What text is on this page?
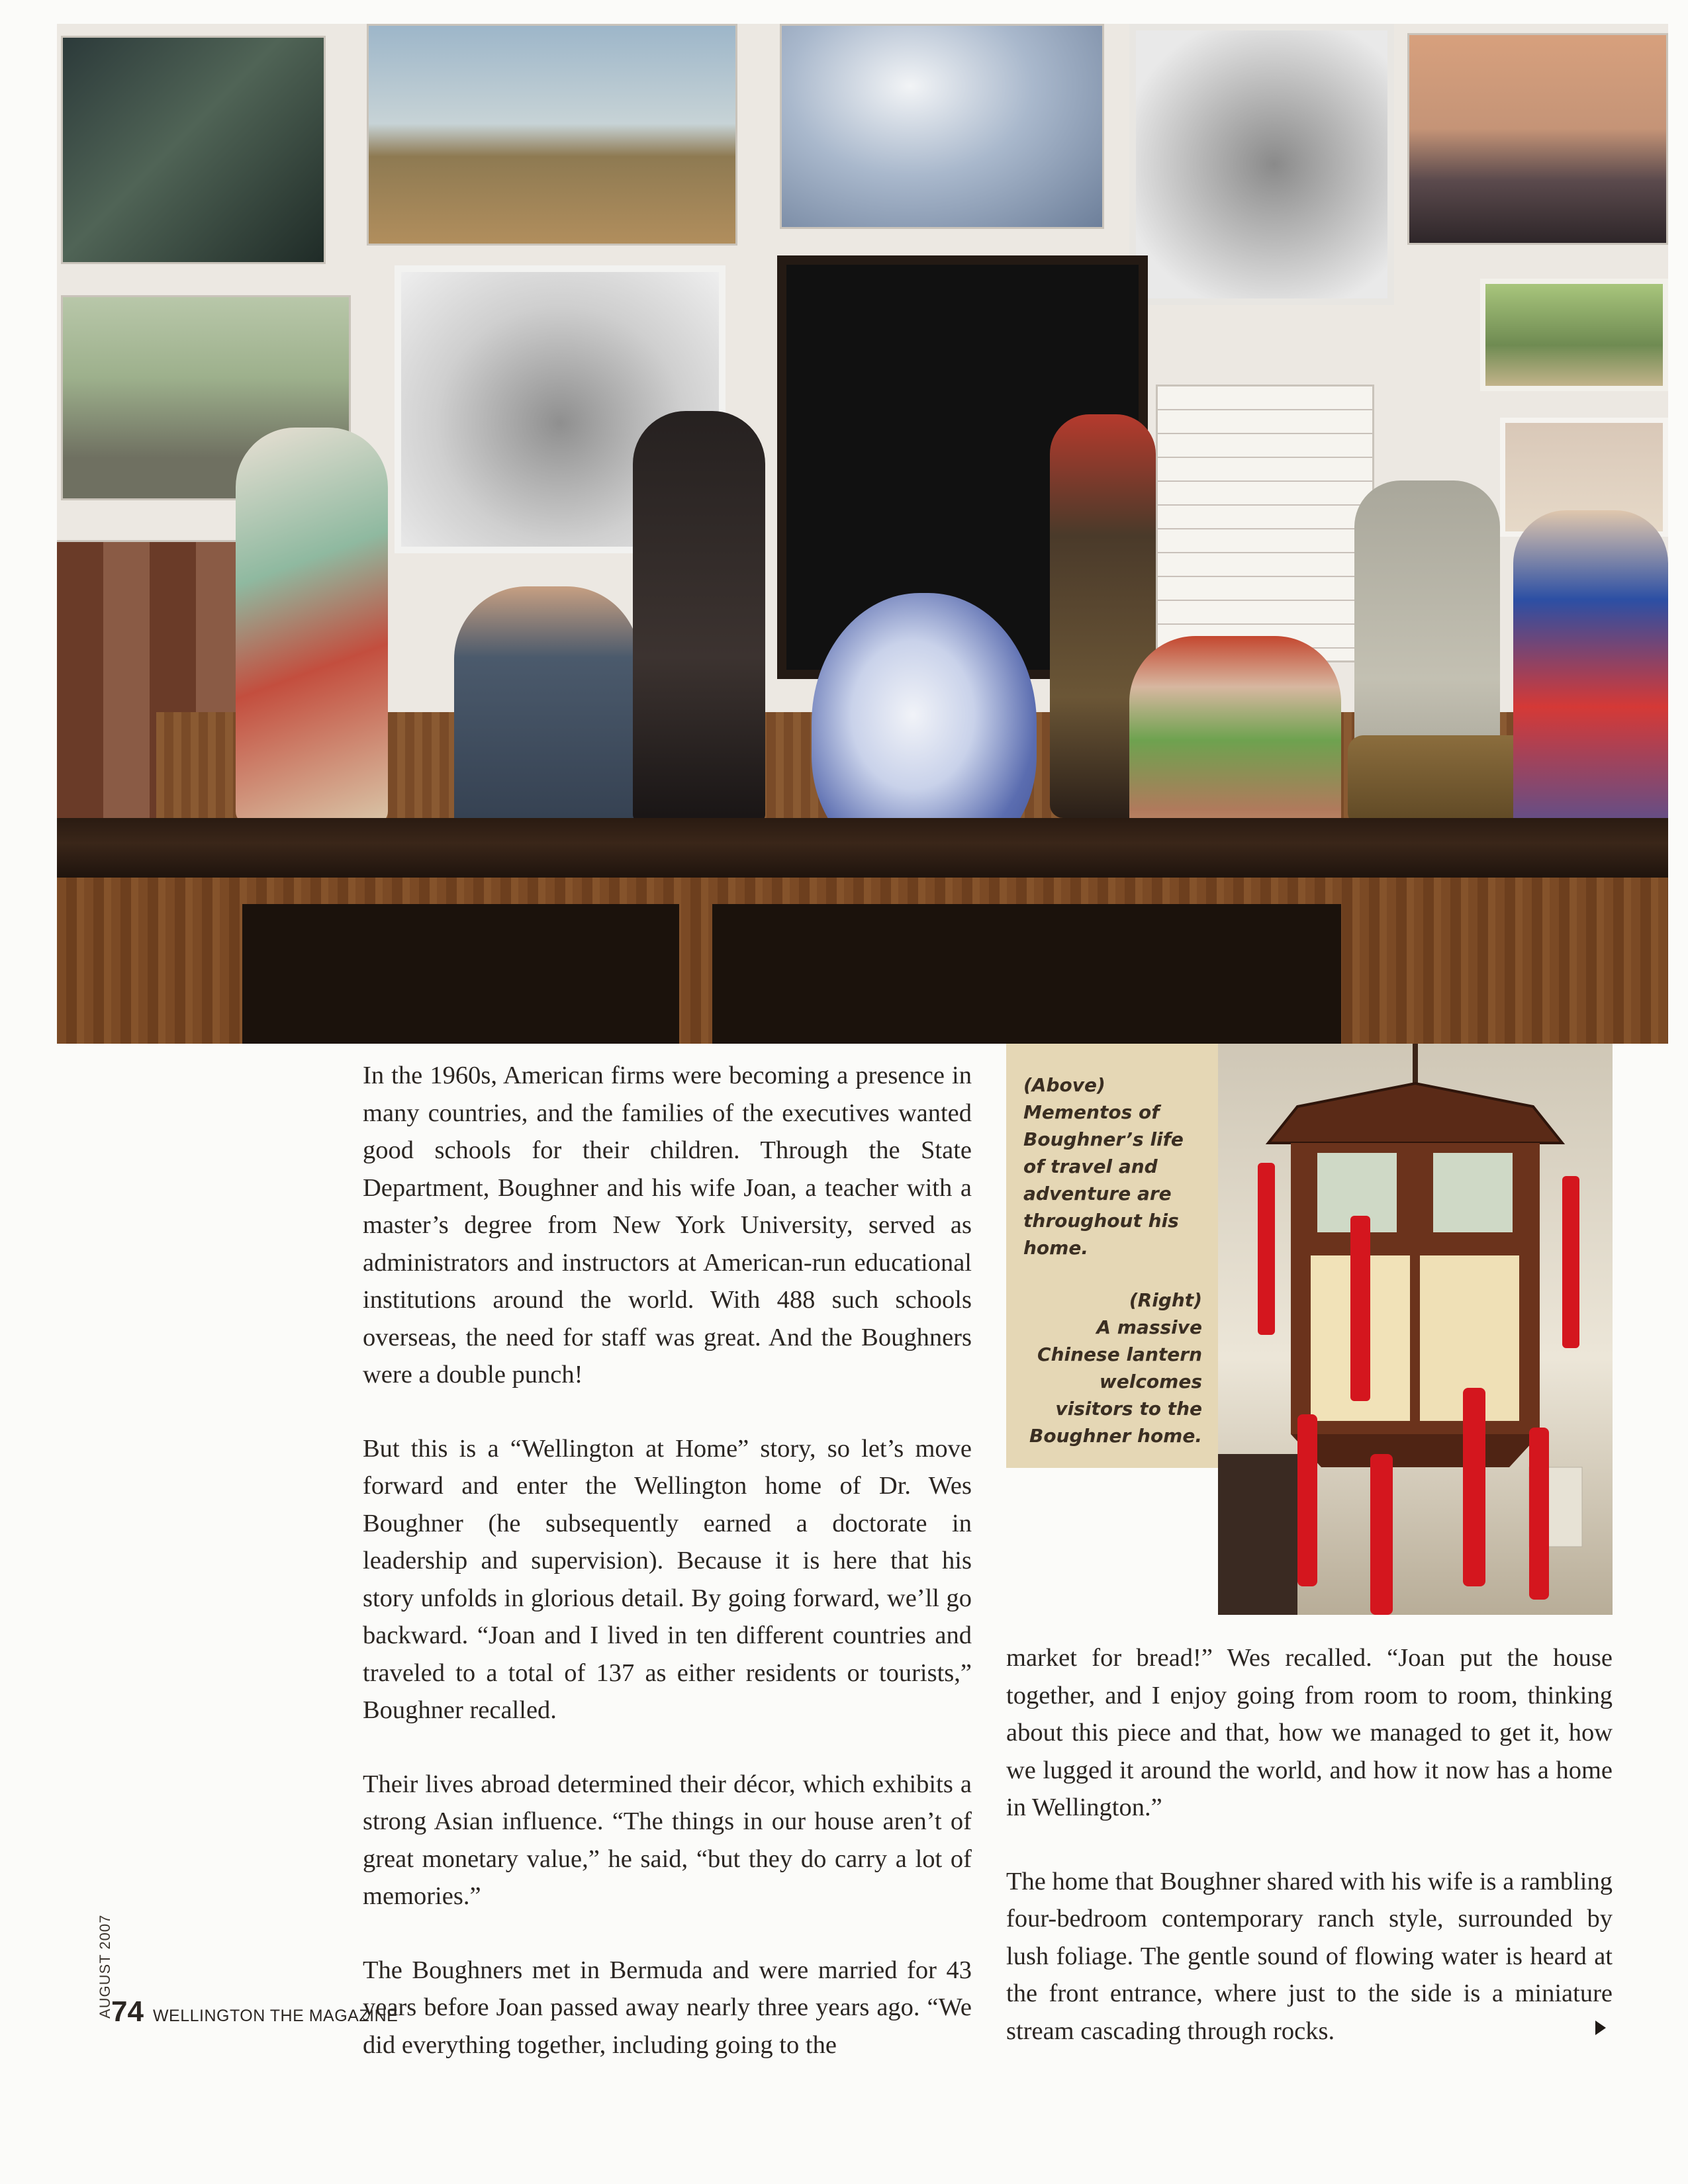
In the 1960s, American firms were becoming a presence in many countries, and the families of the executives wanted good schools for their children. Through the State Department, Boughner and his wife Joan, a teacher with a master’s degree from New York University, served as administrators and instructors at American-run educational institutions around the world. With 488 such schools overseas, the need for staff was great. And the Boughners were a double punch!

But this is a “Wellington at Home” story, so let’s move forward and enter the Wellington home of Dr. Wes Boughner (he subsequently earned a doctorate in leadership and supervision). Because it is here that his story unfolds in glorious detail. By going forward, we’ll go backward. “Joan and I lived in ten different countries and traveled to a total of 137 as either residents or tourists,” Boughner recalled.

Their lives abroad determined their décor, which exhibits a strong Asian influence. “The things in our house aren’t of great monetary value,” he said, “but they do carry a lot of memories.”

The Boughners met in Bermuda and were married for 43 years before Joan passed away nearly three years ago. “We did everything together, including going to the

(Above)
Mementos of Boughner’s life of travel and adventure are throughout his home.
(Right)
A massive Chinese lantern welcomes visitors to the Boughner home.

market for bread!” Wes recalled. “Joan put the house together, and I enjoy going from room to room, thinking about this piece and that, how we managed to get it, how we lugged it around the world, and how it now has a home in Wellington.”

The home that Boughner shared with his wife is a rambling four-bedroom contemporary ranch style, surrounded by lush foliage. The gentle sound of flowing water is heard at the front entrance, where just to the side is a miniature stream cascading through rocks.

AUGUST 2007
74 WELLINGTON THE MAGAZINE
